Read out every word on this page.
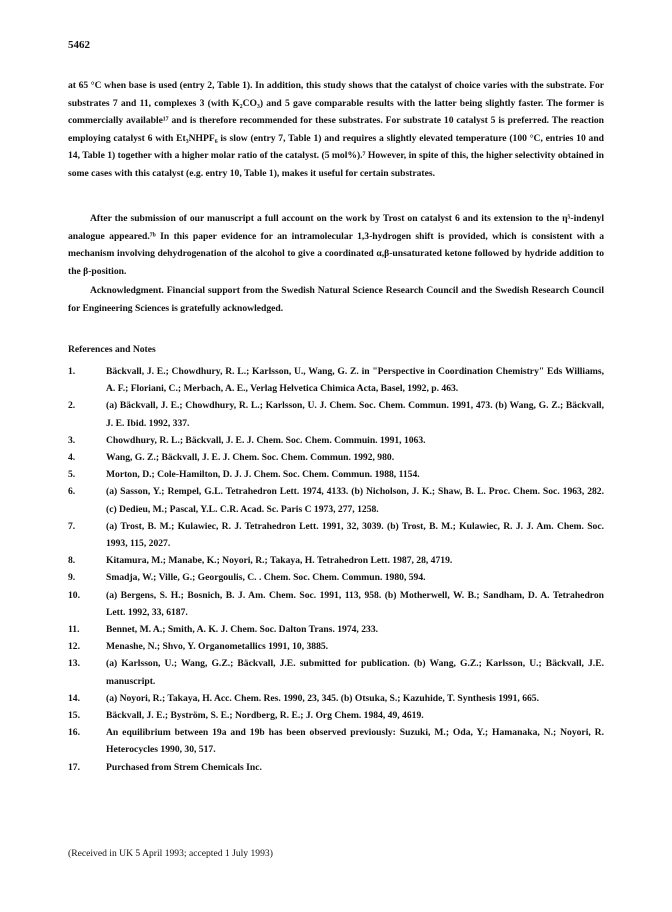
5462
at 65 °C when base is used (entry 2, Table 1). In addition, this study shows that the catalyst of choice varies with the substrate. For substrates 7 and 11, complexes 3 (with K₂CO₃) and 5 gave comparable results with the latter being slightly faster. The former is commercially available¹⁷ and is therefore recommended for these substrates. For substrate 10 catalyst 5 is preferred. The reaction employing catalyst 6 with Et₃NHPF₆ is slow (entry 7, Table 1) and requires a slightly elevated temperature (100 °C, entries 10 and 14, Table 1) together with a higher molar ratio of the catalyst. (5 mol%).⁷ However, in spite of this, the higher selectivity obtained in some cases with this catalyst (e.g. entry 10, Table 1), makes it useful for certain substrates.
After the submission of our manuscript a full account on the work by Trost on catalyst 6 and its extension to the η⁵-indenyl analogue appeared.⁷ᵇ In this paper evidence for an intramolecular 1,3-hydrogen shift is provided, which is consistent with a mechanism involving dehydrogenation of the alcohol to give a coordinated α,β-unsaturated ketone followed by hydride addition to the β-position.
Acknowledgment. Financial support from the Swedish Natural Science Research Council and the Swedish Research Council for Engineering Sciences is gratefully acknowledged.
References and Notes
1.	Bäckvall, J. E.; Chowdhury, R. L.; Karlsson, U., Wang, G. Z. in "Perspective in Coordination Chemistry" Eds Williams, A. F.; Floriani, C.; Merbach, A. E., Verlag Helvetica Chimica Acta, Basel, 1992, p. 463.
2.	(a) Bäckvall, J. E.; Chowdhury, R. L.; Karlsson, U. J. Chem. Soc. Chem. Commun. 1991, 473. (b) Wang, G. Z.; Bäckvall, J. E. Ibid. 1992, 337.
3.	Chowdhury, R. L.; Bäckvall, J. E. J. Chem. Soc. Chem. Commuin. 1991, 1063.
4.	Wang, G. Z.; Bäckvall, J. E. J. Chem. Soc. Chem. Commun. 1992, 980.
5.	Morton, D.; Cole-Hamilton, D. J. J. Chem. Soc. Chem. Commun. 1988, 1154.
6.	(a) Sasson, Y.; Rempel, G.L. Tetrahedron Lett. 1974, 4133. (b) Nicholson, J. K.; Shaw, B. L. Proc. Chem. Soc. 1963, 282. (c) Dedieu, M.; Pascal, Y.L. C.R. Acad. Sc. Paris C 1973, 277, 1258.
7.	(a) Trost, B. M.; Kulawiec, R. J. Tetrahedron Lett. 1991, 32, 3039. (b) Trost, B. M.; Kulawiec, R. J. J. Am. Chem. Soc. 1993, 115, 2027.
8.	Kitamura, M.; Manabe, K.; Noyori, R.; Takaya, H. Tetrahedron Lett. 1987, 28, 4719.
9.	Smadja, W.; Ville, G.; Georgoulis, C. . Chem. Soc. Chem. Commun. 1980, 594.
10.	(a) Bergens, S. H.; Bosnich, B. J. Am. Chem. Soc. 1991, 113, 958. (b) Motherwell, W. B.; Sandham, D. A. Tetrahedron Lett. 1992, 33, 6187.
11.	Bennet, M. A.; Smith, A. K. J. Chem. Soc. Dalton Trans. 1974, 233.
12.	Menashe, N.; Shvo, Y. Organometallics 1991, 10, 3885.
13.	(a) Karlsson, U.; Wang, G.Z.; Bäckvall, J.E. submitted for publication. (b) Wang, G.Z.; Karlsson, U.; Bäckvall, J.E. manuscript.
14.	(a) Noyori, R.; Takaya, H. Acc. Chem. Res. 1990, 23, 345. (b) Otsuka, S.; Kazuhide, T. Synthesis 1991, 665.
15.	Bäckvall, J. E.; Byström, S. E.; Nordberg, R. E.; J. Org Chem. 1984, 49, 4619.
16.	An equilibrium between 19a and 19b has been observed previously: Suzuki, M.; Oda, Y.; Hamanaka, N.; Noyori, R. Heterocycles 1990, 30, 517.
17.	Purchased from Strem Chemicals Inc.
(Received in UK 5 April 1993; accepted 1 July 1993)
